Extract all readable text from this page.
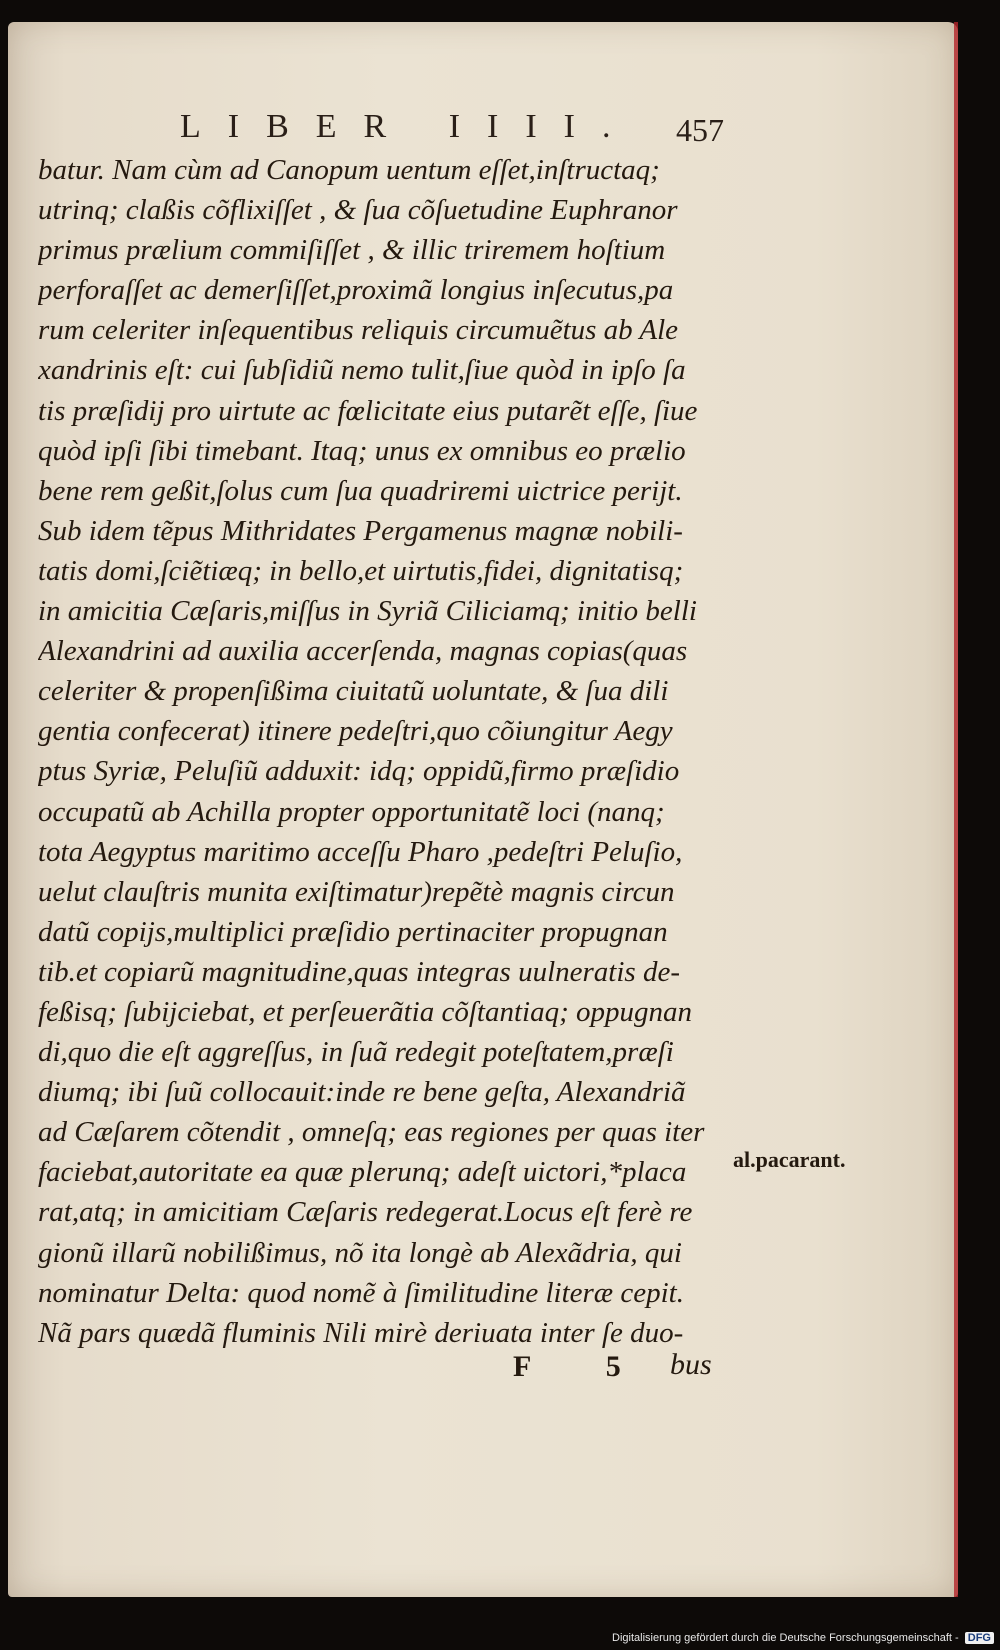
LIBER IIII. 457
batur. Nam cùm ad Canopum uentum eſſet,inſtructaq;
utrinq; claßis cõflixiſſet , & ſua cõſuetudine Euphranor
primus prælium commiſiſſet , & illic triremem hoſtium
perforaſſet ac demerſiſſet,proximã longius inſecutus,pa
rum celeriter inſequentibus reliquis circumuẽtus ab Ale
xandrinis eſt: cui ſubſidiũ nemo tulit,ſiue quòd in ipſo ſa
tis præſidij pro uirtute ac fœlicitate eius putarẽt eſſe, ſiue
quòd ipſi ſibi timebant. Itaq; unus ex omnibus eo prælio
bene rem geßit,ſolus cum ſua quadriremi uictrice perijt.
Sub idem tẽpus Mithridates Pergamenus magnæ nobili-
tatis domi,ſciẽtiæq; in bello,et uirtutis,fidei, dignitatisq;
in amicitia Cæſaris,miſſus in Syriã Ciliciamq; initio belli
Alexandrini ad auxilia accerſenda, magnas copias(quas
celeriter & propenſißima ciuitatũ uoluntate, & ſua dili
gentia confecerat) itinere pedeſtri,quo cõiungitur Aegy
ptus Syriæ, Peluſiũ adduxit: idq; oppidũ,firmo præſidio
occupatũ ab Achilla propter opportunitatẽ loci (nanq;
tota Aegyptus maritimo acceſſu Pharo ,pedeſtri Peluſio,
uelut clauſtris munita exiſtimatur)repẽtè magnis circun
datũ copijs,multiplici præſidio pertinaciter propugnan
tib.et copiarũ magnitudine,quas integras uulneratis de-
feßisq; ſubijciebat, et perſeuerãtia cõſtantiaq; oppugnan
di,quo die eſt aggreſſus, in ſuã redegit poteſtatem,præſi
diumq; ibi ſuũ collocauit:inde re bene geſta, Alexandriã
ad Cæſarem cõtendit , omneſq; eas regiones per quas iter
faciebat,autoritate ea quæ plerunq; adeſt uictori,*placa
rat,atq; in amicitiam Cæſaris redegerat.Locus eſt ferè re
gionũ illarũ nobilißimus, nõ ita longè ab Alexãdria, qui
nominatur Delta: quod nomẽ à ſimilitudine literæ cepit.
Nã pars quædã fluminis Nili mirè deriuata inter ſe duo-
al.pacarant.
F 5 bus
Digitalisierung gefördert durch die Deutsche Forschungsgemeinschaft - DFG
